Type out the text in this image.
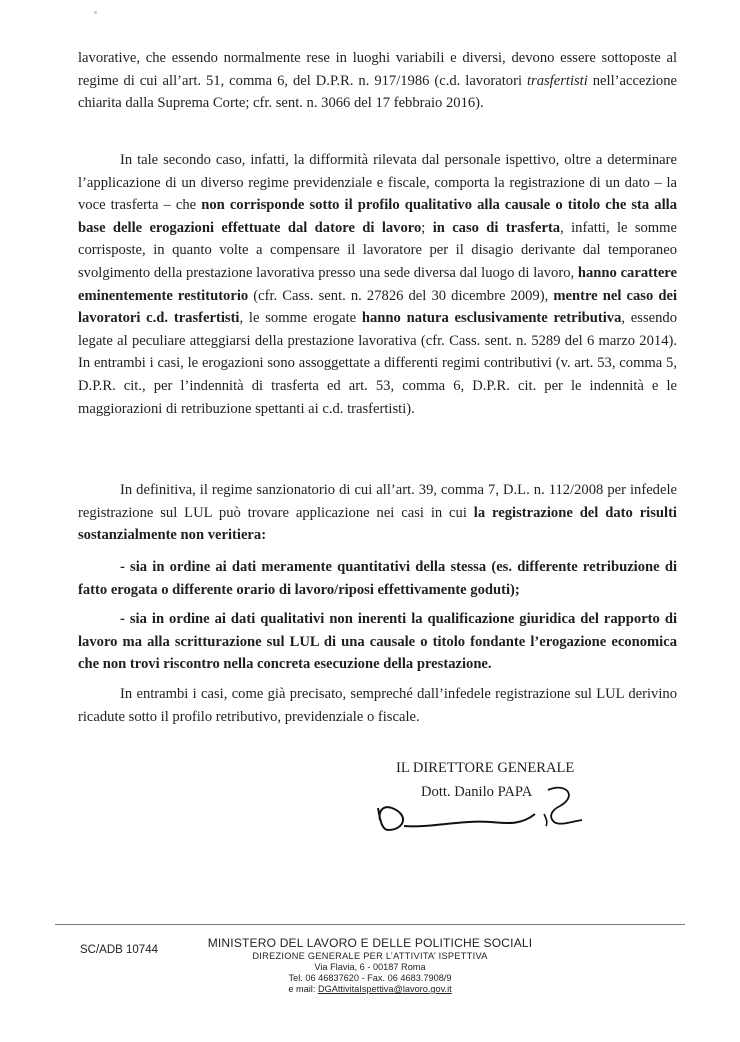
lavorative, che essendo normalmente rese in luoghi variabili e diversi, devono essere sottoposte al regime di cui all’art. 51, comma 6, del D.P.R. n. 917/1986 (c.d. lavoratori trasfertisti nell’accezione chiarita dalla Suprema Corte; cfr. sent. n. 3066 del 17 febbraio 2016).

In tale secondo caso, infatti, la difformità rilevata dal personale ispettivo, oltre a determinare l’applicazione di un diverso regime previdenziale e fiscale, comporta la registrazione di un dato – la voce trasferta – che non corrisponde sotto il profilo qualitativo alla causale o titolo che sta alla base delle erogazioni effettuate dal datore di lavoro; in caso di trasferta, infatti, le somme corrisposte, in quanto volte a compensare il lavoratore per il disagio derivante dal temporaneo svolgimento della prestazione lavorativa presso una sede diversa dal luogo di lavoro, hanno carattere eminentemente restitutorio (cfr. Cass. sent. n. 27826 del 30 dicembre 2009), mentre nel caso dei lavoratori c.d. trasfertisti, le somme erogate hanno natura esclusivamente retributiva, essendo legate al peculiare atteggiarsi della prestazione lavorativa (cfr. Cass. sent. n. 5289 del 6 marzo 2014). In entrambi i casi, le erogazioni sono assoggettate a differenti regimi contributivi (v. art. 53, comma 5, D.P.R. cit., per l’indennità di trasferta ed art. 53, comma 6, D.P.R. cit. per le indennità e le maggiorazioni di retribuzione spettanti ai c.d. trasfertisti).

In definitiva, il regime sanzionatorio di cui all’art. 39, comma 7, D.L. n. 112/2008 per infedele registrazione sul LUL può trovare applicazione nei casi in cui la registrazione del dato risulti sostanzialmente non veritiera:

- sia in ordine ai dati meramente quantitativi della stessa (es. differente retribuzione di fatto erogata o differente orario di lavoro/riposi effettivamente goduti);

- sia in ordine ai dati qualitativi non inerenti la qualificazione giuridica del rapporto di lavoro ma alla scritturazione sul LUL di una causale o titolo fondante l’erogazione economica che non trovi riscontro nella concreta esecuzione della prestazione.

In entrambi i casi, come già precisato, sempreché dall’infedele registrazione sul LUL derivino ricadute sotto il profilo retributivo, previdenziale o fiscale.

IL DIRETTORE GENERALE
Dott. Danilo PAPA
SC/ADB 10744	MINISTERO DEL LAVORO E DELLE POLITICHE SOCIALI
DIREZIONE GENERALE PER L’ATTIVITA’ ISPETTIVA
Via Flavia, 6 - 00187 Roma
Tel. 06 46837620 - Fax. 06 4683.7908/9
e mail: DGAttivitaIspettiva@lavoro.gov.it
